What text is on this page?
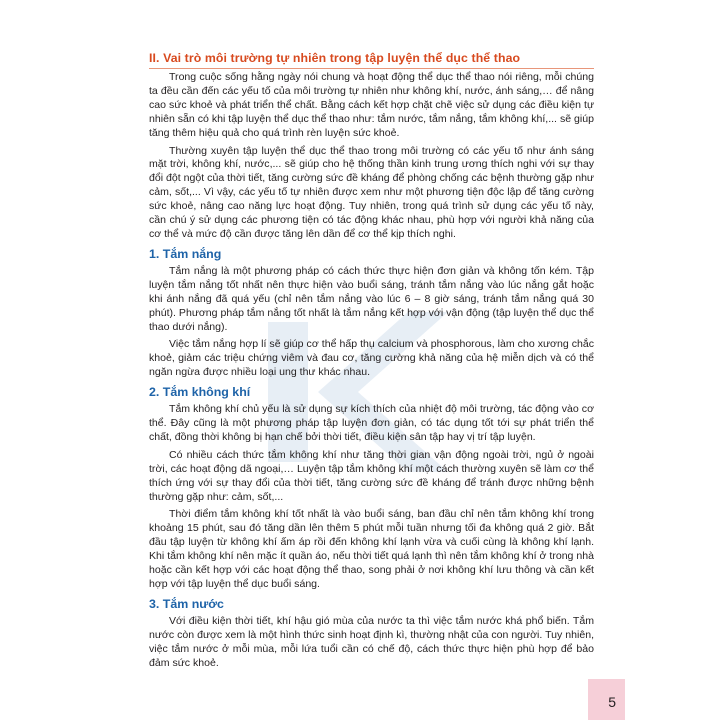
II. Vai trò môi trường tự nhiên trong tập luyện thể dục thể thao

Trong cuộc sống hằng ngày nói chung và hoạt động thể dục thể thao nói riêng, mỗi chúng ta đều cần đến các yếu tố của môi trường tự nhiên như không khí, nước, ánh sáng,… để nâng cao sức khoẻ và phát triển thể chất. Bằng cách kết hợp chặt chẽ việc sử dụng các điều kiện tự nhiên sẵn có khi tập luyện thể dục thể thao như: tắm nước, tắm nắng, tắm không khí,... sẽ giúp tăng thêm hiệu quả cho quá trình rèn luyện sức khoẻ.

Thường xuyên tập luyện thể dục thể thao trong môi trường có các yếu tố như ánh sáng mặt trời, không khí, nước,... sẽ giúp cho hệ thống thần kinh trung ương thích nghi với sự thay đổi đột ngột của thời tiết, tăng cường sức đề kháng để phòng chống các bệnh thường gặp như cảm, sốt,... Vì vậy, các yếu tố tự nhiên được xem như một phương tiện độc lập để tăng cường sức khoẻ, nâng cao năng lực hoạt động. Tuy nhiên, trong quá trình sử dụng các yếu tố này, cần chú ý sử dụng các phương tiện có tác động khác nhau, phù hợp với người khả năng của cơ thể và mức độ cần được tăng lên dần để cơ thể kịp thích nghi.

1. Tắm nắng

Tắm nắng là một phương pháp có cách thức thực hiện đơn giản và không tốn kém. Tập luyện tắm nắng tốt nhất nên thực hiện vào buổi sáng, tránh tắm nắng vào lúc nắng gắt hoặc khi ánh nắng đã quá yếu (chỉ nên tắm nắng vào lúc 6 – 8 giờ sáng, tránh tắm nắng quá 30 phút). Phương pháp tắm nắng tốt nhất là tắm nắng kết hợp với vận động (tập luyện thể dục thể thao dưới nắng).

Việc tắm nắng hợp lí sẽ giúp cơ thể hấp thụ calcium và phosphorous, làm cho xương chắc khoẻ, giảm các triệu chứng viêm và đau cơ, tăng cường khả năng của hệ miễn dịch và có thể ngăn ngừa được nhiều loại ung thư khác nhau.

2. Tắm không khí

Tắm không khí chủ yếu là sử dụng sự kích thích của nhiệt độ môi trường, tác động vào cơ thể. Đây cũng là một phương pháp tập luyện đơn giản, có tác dụng tốt tới sự phát triển thể chất, đồng thời không bị hạn chế bởi thời tiết, điều kiện sân tập hay vị trí tập luyện.

Có nhiều cách thức tắm không khí như tăng thời gian vận động ngoài trời, ngủ ở ngoài trời, các hoạt động dã ngoại,… Luyện tập tắm không khí một cách thường xuyên sẽ làm cơ thể thích ứng với sự thay đổi của thời tiết, tăng cường sức đề kháng để tránh được những bệnh thường gặp như: cảm, sốt,...

Thời điểm tắm không khí tốt nhất là vào buổi sáng, ban đầu chỉ nên tắm không khí trong khoảng 15 phút, sau đó tăng dần lên thêm 5 phút mỗi tuần nhưng tối đa không quá 2 giờ. Bắt đầu tập luyện từ không khí ấm áp rồi đến không khí lạnh vừa và cuối cùng là không khí lạnh. Khi tắm không khí nên mặc ít quần áo, nếu thời tiết quá lạnh thì nên tắm không khí ở trong nhà hoặc cần kết hợp với các hoạt động thể thao, song phải ở nơi không khí lưu thông và cần kết hợp với tập luyện thể dục buổi sáng.

3. Tắm nước

Với điều kiện thời tiết, khí hậu gió mùa của nước ta thì việc tắm nước khá phổ biến. Tắm nước còn được xem là một hình thức sinh hoạt định kì, thường nhật của con người. Tuy nhiên, việc tắm nước ở mỗi mùa, mỗi lứa tuổi cần có chế độ, cách thức thực hiện phù hợp để bảo đảm sức khoẻ.

5
